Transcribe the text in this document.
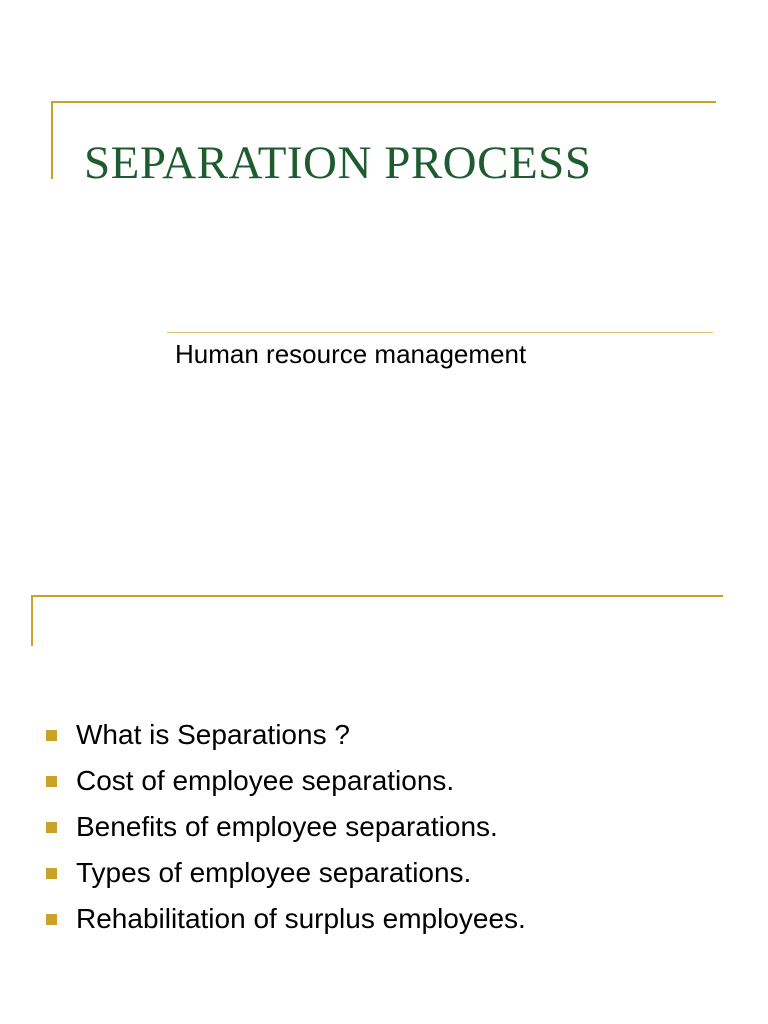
SEPARATION PROCESS

Human resource management

What is Separations ?
Cost of employee separations.
Benefits of employee separations.
Types of employee separations.
Rehabilitation of surplus employees.
